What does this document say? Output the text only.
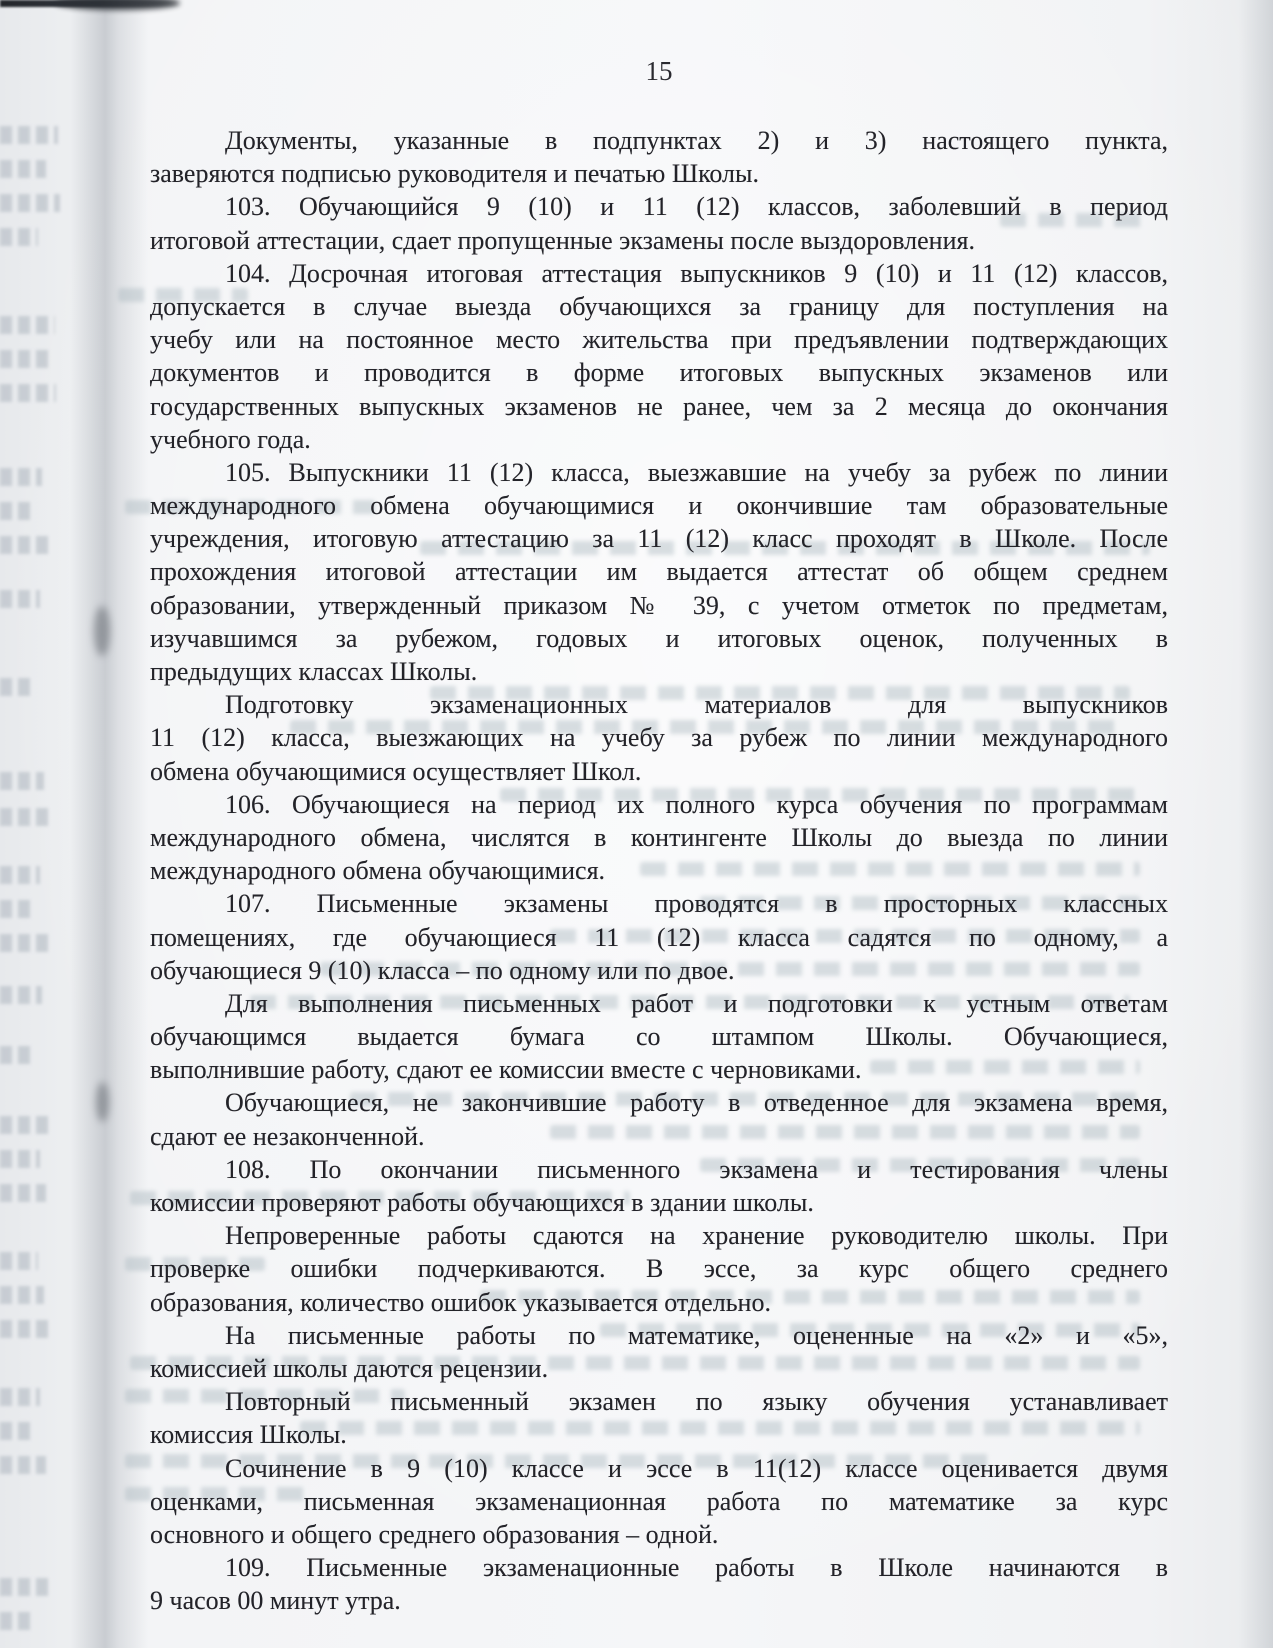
15
Документы, указанные в подпунктах 2) и 3) настоящего пункта,
заверяются подписью руководителя и печатью Школы.
103. Обучающийся 9 (10) и 11 (12) классов, заболевший в период
итоговой аттестации, сдает пропущенные экзамены после выздоровления.
104. Досрочная итоговая аттестация выпускников 9 (10) и 11 (12) классов,
допускается в случае выезда обучающихся за границу для поступления на
учебу или на постоянное место жительства при предъявлении подтверждающих
документов и проводится в форме итоговых выпускных экзаменов или
государственных выпускных экзаменов не ранее, чем за 2 месяца до окончания
учебного года.
105. Выпускники 11 (12) класса, выезжавшие на учебу за рубеж по линии
международного обмена обучающимися и окончившие там образовательные
учреждения, итоговую аттестацию за 11 (12) класс проходят в Школе. После
прохождения итоговой аттестации им выдается аттестат об общем среднем
образовании, утвержденный приказом № 39, с учетом отметок по предметам,
изучавшимся за рубежом, годовых и итоговых оценок, полученных в
предыдущих классах Школы.
Подготовку экзаменационных материалов для выпускников
11 (12) класса, выезжающих на учебу за рубеж по линии международного
обмена обучающимися осуществляет Школ.
106. Обучающиеся на период их полного курса обучения по программам
международного обмена, числятся в контингенте Школы до выезда по линии
международного обмена обучающимися.
107. Письменные экзамены проводятся в просторных классных
помещениях, где обучающиеся 11 (12) класса садятся по одному, а
обучающиеся 9 (10) класса – по одному или по двое.
Для выполнения письменных работ и подготовки к устным ответам
обучающимся выдается бумага со штампом Школы. Обучающиеся,
выполнившие работу, сдают ее комиссии вместе с черновиками.
Обучающиеся, не закончившие работу в отведенное для экзамена время,
сдают ее незаконченной.
108. По окончании письменного экзамена и тестирования члены
комиссии проверяют работы обучающихся в здании школы.
Непроверенные работы сдаются на хранение руководителю школы. При
проверке ошибки подчеркиваются. В эссе, за курс общего среднего
образования, количество ошибок указывается отдельно.
На письменные работы по математике, оцененные на «2» и «5»,
комиссией школы даются рецензии.
Повторный письменный экзамен по языку обучения устанавливает
комиссия Школы.
Сочинение в 9 (10) классе и эссе в 11(12) классе оценивается двумя
оценками, письменная экзаменационная работа по математике за курс
основного и общего среднего образования – одной.
109. Письменные экзаменационные работы в Школе начинаются в
9 часов 00 минут утра.
